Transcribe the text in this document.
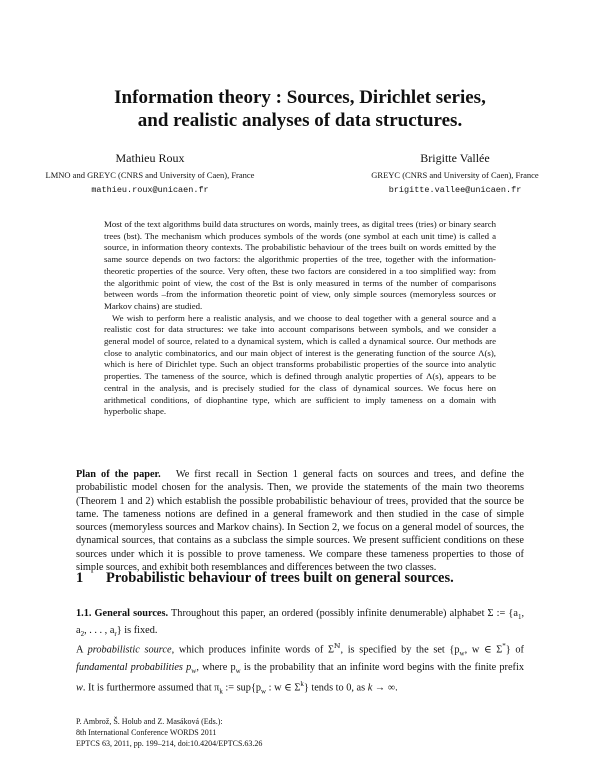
Information theory : Sources, Dirichlet series,
and realistic analyses of data structures.
Mathieu Roux
LMNO and GREYC (CNRS and University of Caen), France
mathieu.roux@unicaen.fr
Brigitte Vallée
GREYC (CNRS and University of Caen), France
brigitte.vallee@unicaen.fr

Most of the text algorithms build data structures on words, mainly trees, as digital trees (tries) or binary search trees (bst). The mechanism which produces symbols of the words (one symbol at each unit time) is called a source, in information theory contexts. The probabilistic behaviour of the trees built on words emitted by the same source depends on two factors: the algorithmic properties of the tree, together with the information-theoretic properties of the source. Very often, these two factors are considered in a too simplified way: from the algorithmic point of view, the cost of the Bst is only measured in terms of the number of comparisons between words –from the information theoretic point of view, only simple sources (memoryless sources or Markov chains) are studied.

We wish to perform here a realistic analysis, and we choose to deal together with a general source and a realistic cost for data structures: we take into account comparisons between symbols, and we consider a general model of source, related to a dynamical system, which is called a dynamical source. Our methods are close to analytic combinatorics, and our main object of interest is the generating function of the source Λ(s), which is here of Dirichlet type. Such an object transforms probabilistic properties of the source into analytic properties. The tameness of the source, which is defined through analytic properties of Λ(s), appears to be central in the analysis, and is precisely studied for the class of dynamical sources. We focus here on arithmetical conditions, of diophantine type, which are sufficient to imply tameness on a domain with hyperbolic shape.

Plan of the paper. We first recall in Section 1 general facts on sources and trees, and define the probabilistic model chosen for the analysis. Then, we provide the statements of the main two theorems (Theorem 1 and 2) which establish the possible probabilistic behaviour of trees, provided that the source be tame. The tameness notions are defined in a general framework and then studied in the case of simple sources (memoryless sources and Markov chains). In Section 2, we focus on a general model of sources, the dynamical sources, that contains as a subclass the simple sources. We present sufficient conditions on these sources under which it is possible to prove tameness. We compare these tameness properties to those of simple sources, and exhibit both resemblances and differences between the two classes.
1 Probabilistic behaviour of trees built on general sources.

1.1. General sources. Throughout this paper, an ordered (possibly infinite denumerable) alphabet Σ := {$a_1$, $a_2$, . . . , $a_r$} is fixed.

A probabilistic source, which produces infinite words of $\Sigma^ℕ$, is specified by the set {$p_w$, w ∈ Σ*} of fundamental probabilities $p_w$, where $p_w$ is the probability that an infinite word begins with the finite prefix w. It is furthermore assumed that $\pi_k$ := $sup\{p_w$ : w ∈ $\Sigma^k$} tends to 0, as k → ∞.
P. Ambrož, Š. Holub and Z. Masáková (Eds.):
8th International Conference WORDS 2011
EPTCS 63, 2011, pp. 199–214, doi:10.4204/EPTCS.63.26
